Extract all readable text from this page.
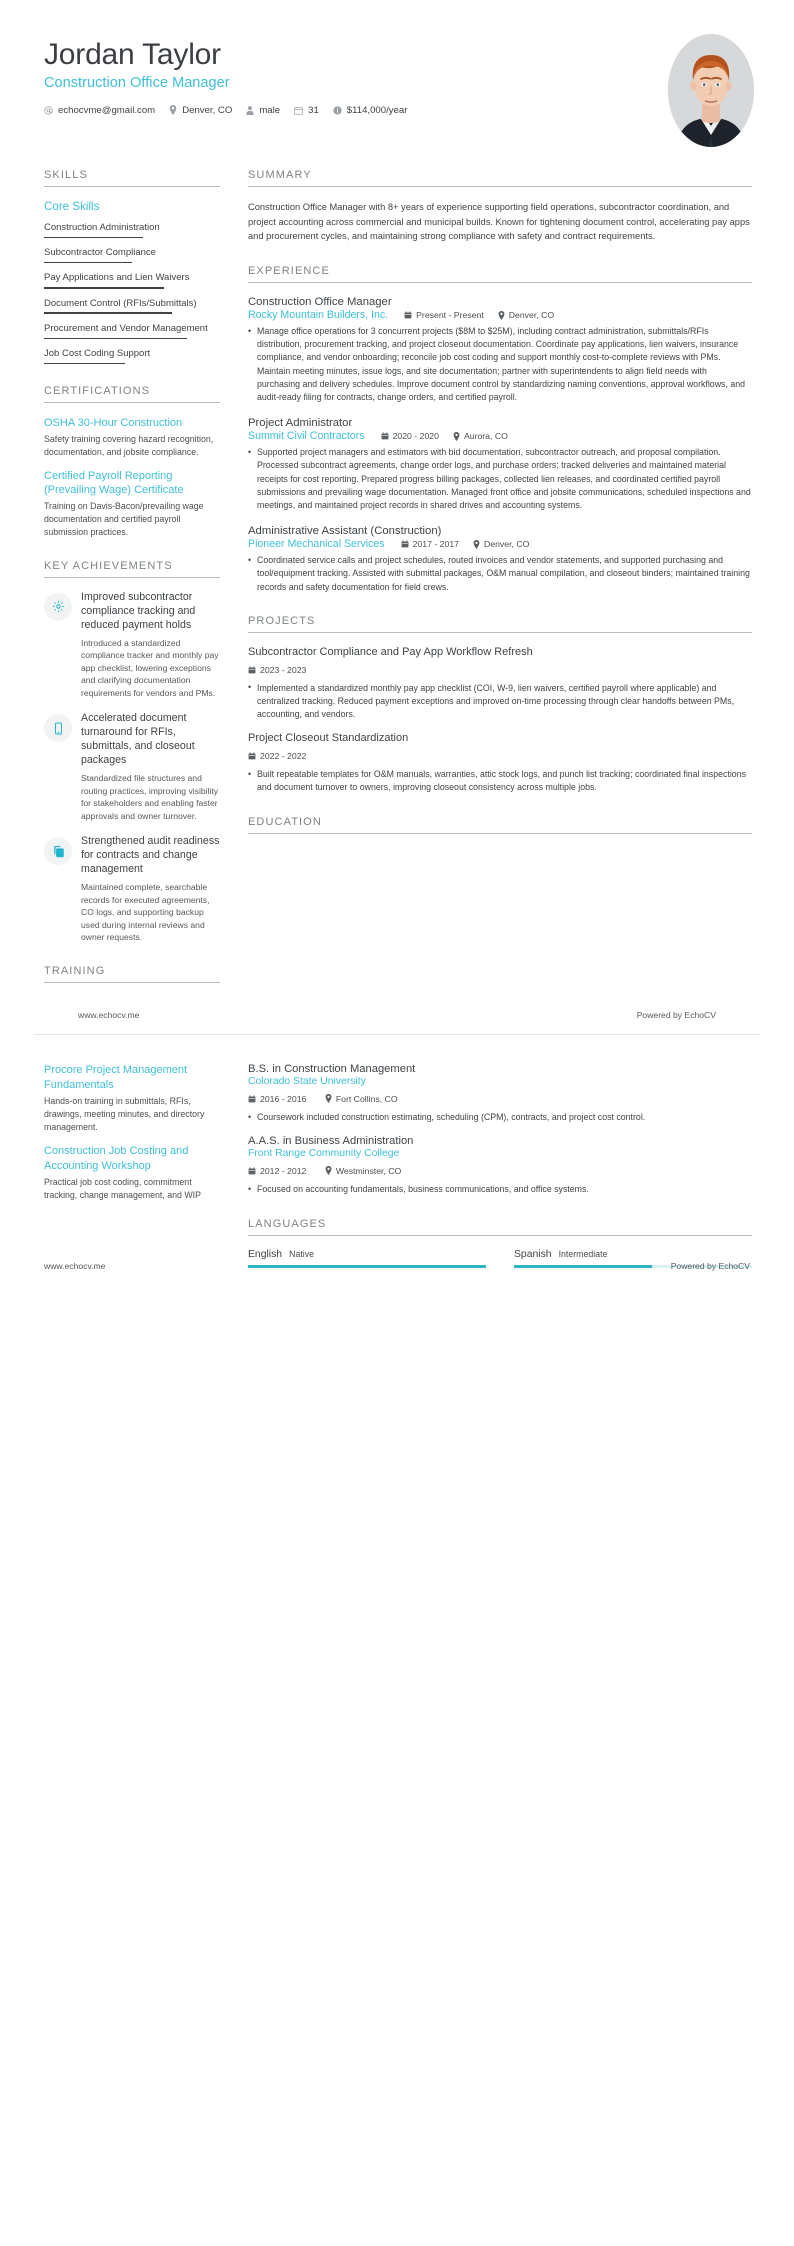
Jordan Taylor
Construction Office Manager
echocvme@gmail.com	Denver, CO	male	31	$114,000/year
SKILLS
Core Skills
Construction Administration
Subcontractor Compliance
Pay Applications and Lien Waivers
Document Control (RFIs/Submittals)
Procurement and Vendor Management
Job Cost Coding Support
CERTIFICATIONS
OSHA 30-Hour Construction
Safety training covering hazard recognition, documentation, and jobsite compliance.
Certified Payroll Reporting (Prevailing Wage) Certificate
Training on Davis-Bacon/prevailing wage documentation and certified payroll submission practices.
KEY ACHIEVEMENTS
Improved subcontractor compliance tracking and reduced payment holds
Introduced a standardized compliance tracker and monthly pay app checklist, lowering exceptions and clarifying documentation requirements for vendors and PMs.
Accelerated document turnaround for RFIs, submittals, and closeout packages
Standardized file structures and routing practices, improving visibility for stakeholders and enabling faster approvals and owner turnover.
Strengthened audit readiness for contracts and change management
Maintained complete, searchable records for executed agreements, CO logs, and supporting backup used during internal reviews and owner requests.
TRAINING
SUMMARY
Construction Office Manager with 8+ years of experience supporting field operations, subcontractor coordination, and project accounting across commercial and municipal builds. Known for tightening document control, accelerating pay apps and procurement cycles, and maintaining strong compliance with safety and contract requirements.
EXPERIENCE
Construction Office Manager
Rocky Mountain Builders, Inc.	Present - Present	Denver, CO
• Manage office operations for 3 concurrent projects ($8M to $25M), including contract administration, submittals/RFIs distribution, procurement tracking, and project closeout documentation. Coordinate pay applications, lien waivers, insurance compliance, and vendor onboarding; reconcile job cost coding and support monthly cost-to-complete reviews with PMs. Maintain meeting minutes, issue logs, and site documentation; partner with superintendents to align field needs with purchasing and delivery schedules. Improve document control by standardizing naming conventions, approval workflows, and audit-ready filing for contracts, change orders, and certified payroll.
Project Administrator
Summit Civil Contractors	2020 - 2020	Aurora, CO
• Supported project managers and estimators with bid documentation, subcontractor outreach, and proposal compilation. Processed subcontract agreements, change order logs, and purchase orders; tracked deliveries and maintained material receipts for cost reporting. Prepared progress billing packages, collected lien releases, and coordinated certified payroll submissions and prevailing wage documentation. Managed front office and jobsite communications, scheduled inspections and meetings, and maintained project records in shared drives and accounting systems.
Administrative Assistant (Construction)
Pioneer Mechanical Services	2017 - 2017	Denver, CO
• Coordinated service calls and project schedules, routed invoices and vendor statements, and supported purchasing and tool/equipment tracking. Assisted with submittal packages, O&M manual compilation, and closeout binders; maintained training records and safety documentation for field crews.
PROJECTS
Subcontractor Compliance and Pay App Workflow Refresh
2023 - 2023
• Implemented a standardized monthly pay app checklist (COI, W-9, lien waivers, certified payroll where applicable) and centralized tracking. Reduced payment exceptions and improved on-time processing through clear handoffs between PMs, accounting, and vendors.
Project Closeout Standardization
2022 - 2022
• Built repeatable templates for O&M manuals, warranties, attic stock logs, and punch list tracking; coordinated final inspections and document turnover to owners, improving closeout consistency across multiple jobs.
EDUCATION
www.echocv.me	Powered by EchoCV
Procore Project Management Fundamentals
Hands-on training in submittals, RFIs, drawings, meeting minutes, and directory management.
Construction Job Costing and Accounting Workshop
Practical job cost coding, commitment tracking, change management, and WIP
B.S. in Construction Management
Colorado State University
2016 - 2016
	Fort Collins, CO
• Coursework included construction estimating, scheduling (CPM), contracts, and project cost control.
A.A.S. in Business Administration
Front Range Community College
2012 - 2012
	Westminster, CO
• Focused on accounting fundamentals, business communications, and office systems.
LANGUAGES
English Native	Spanish Intermediate
www.echocv.me	Powered by EchoCV
